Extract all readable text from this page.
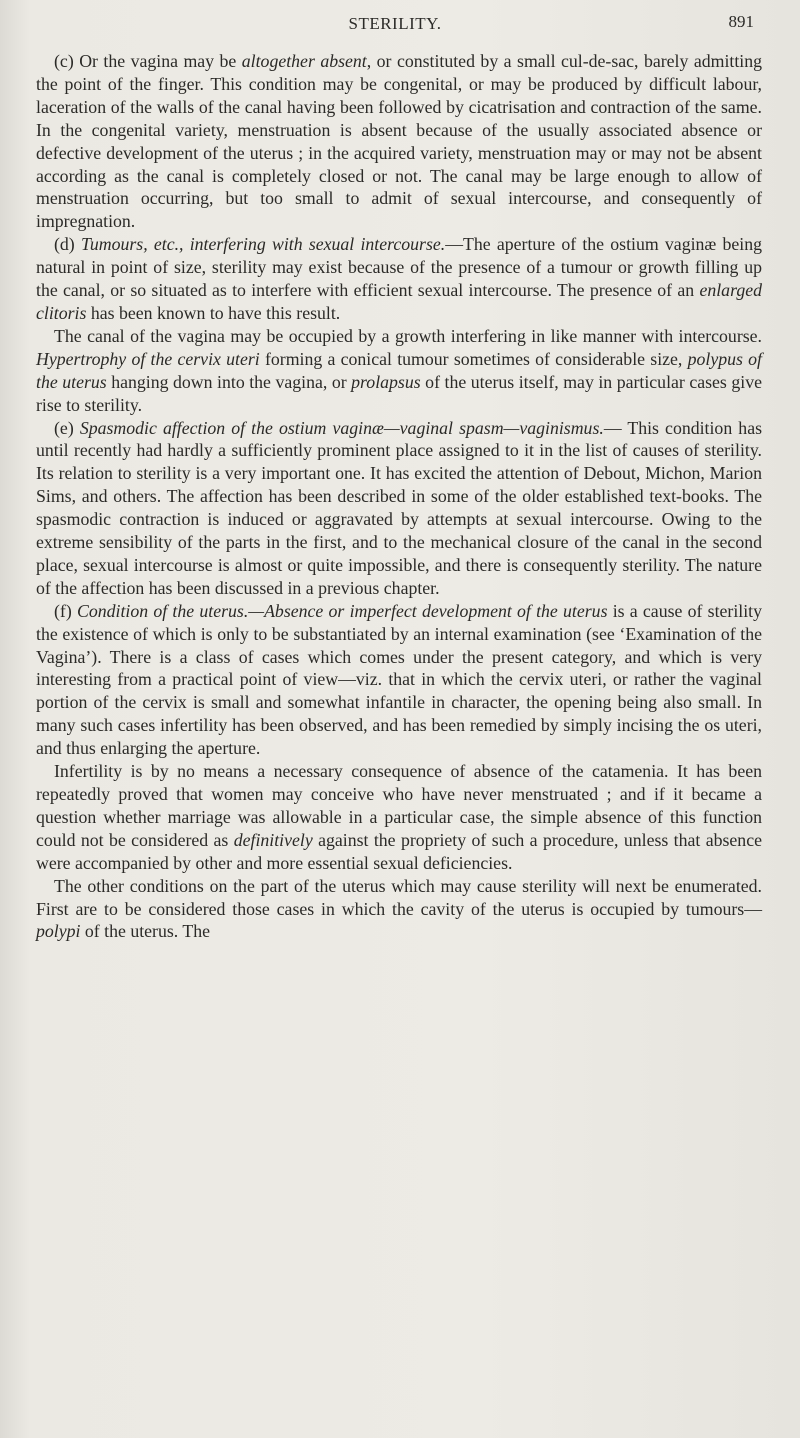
STERILITY.	891

(c) Or the vagina may be altogether absent, or constituted by a small cul-de-sac, barely admitting the point of the finger. This condition may be congenital, or may be produced by difficult labour, laceration of the walls of the canal having been followed by cicatrisation and contraction of the same. In the congenital variety, menstruation is absent because of the usually associated absence or defective development of the uterus ; in the acquired variety, menstruation may or may not be absent according as the canal is completely closed or not. The canal may be large enough to allow of menstruation occurring, but too small to admit of sexual intercourse, and consequently of impregnation.

(d) Tumours, etc., interfering with sexual intercourse.—The aperture of the ostium vaginæ being natural in point of size, sterility may exist because of the presence of a tumour or growth filling up the canal, or so situated as to interfere with efficient sexual intercourse. The presence of an enlarged clitoris has been known to have this result.

The canal of the vagina may be occupied by a growth interfering in like manner with intercourse. Hypertrophy of the cervix uteri forming a conical tumour sometimes of considerable size, polypus of the uterus hanging down into the vagina, or prolapsus of the uterus itself, may in particular cases give rise to sterility.

(e) Spasmodic affection of the ostium vaginæ—vaginal spasm—vaginismus.— This condition has until recently had hardly a sufficiently prominent place assigned to it in the list of causes of sterility. Its relation to sterility is a very important one. It has excited the attention of Debout, Michon, Marion Sims, and others. The affection has been described in some of the older established text-books. The spasmodic contraction is induced or aggravated by attempts at sexual intercourse. Owing to the extreme sensibility of the parts in the first, and to the mechanical closure of the canal in the second place, sexual intercourse is almost or quite impossible, and there is consequently sterility. The nature of the affection has been discussed in a previous chapter.

(f) Condition of the uterus.—Absence or imperfect development of the uterus is a cause of sterility the existence of which is only to be substantiated by an internal examination (see ‘Examination of the Vagina’). There is a class of cases which comes under the present category, and which is very interesting from a practical point of view—viz. that in which the cervix uteri, or rather the vaginal portion of the cervix is small and somewhat infantile in character, the opening being also small. In many such cases infertility has been observed, and has been remedied by simply incising the os uteri, and thus enlarging the aperture.

Infertility is by no means a necessary consequence of absence of the catamenia. It has been repeatedly proved that women may conceive who have never menstruated ; and if it became a question whether marriage was allowable in a particular case, the simple absence of this function could not be considered as definitively against the propriety of such a procedure, unless that absence were accompanied by other and more essential sexual deficiencies.

The other conditions on the part of the uterus which may cause sterility will next be enumerated. First are to be considered those cases in which the cavity of the uterus is occupied by tumours—polypi of the uterus. The
